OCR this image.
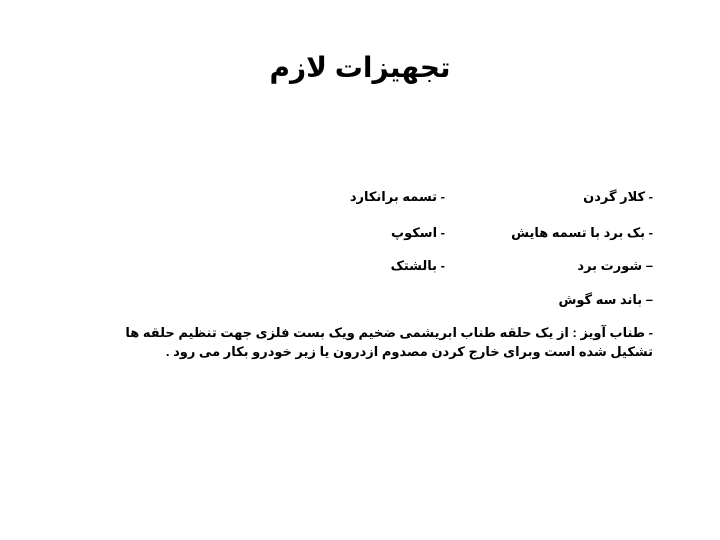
تجهیزات لازم
- کلار گردن
- تسمه برانکارد
- بک برد با تسمه هایش
- اسکوپ
– شورت برد
- بالشتک
– باند سه گوش
- طناب آویز : از یک حلقه طناب ابریشمی ضخیم ویک بست فلزی جهت تنظیم حلقه ها تشکیل شده است وبرای خارج کردن مصدوم ازدرون یا زیر خودرو بکار می رود .
